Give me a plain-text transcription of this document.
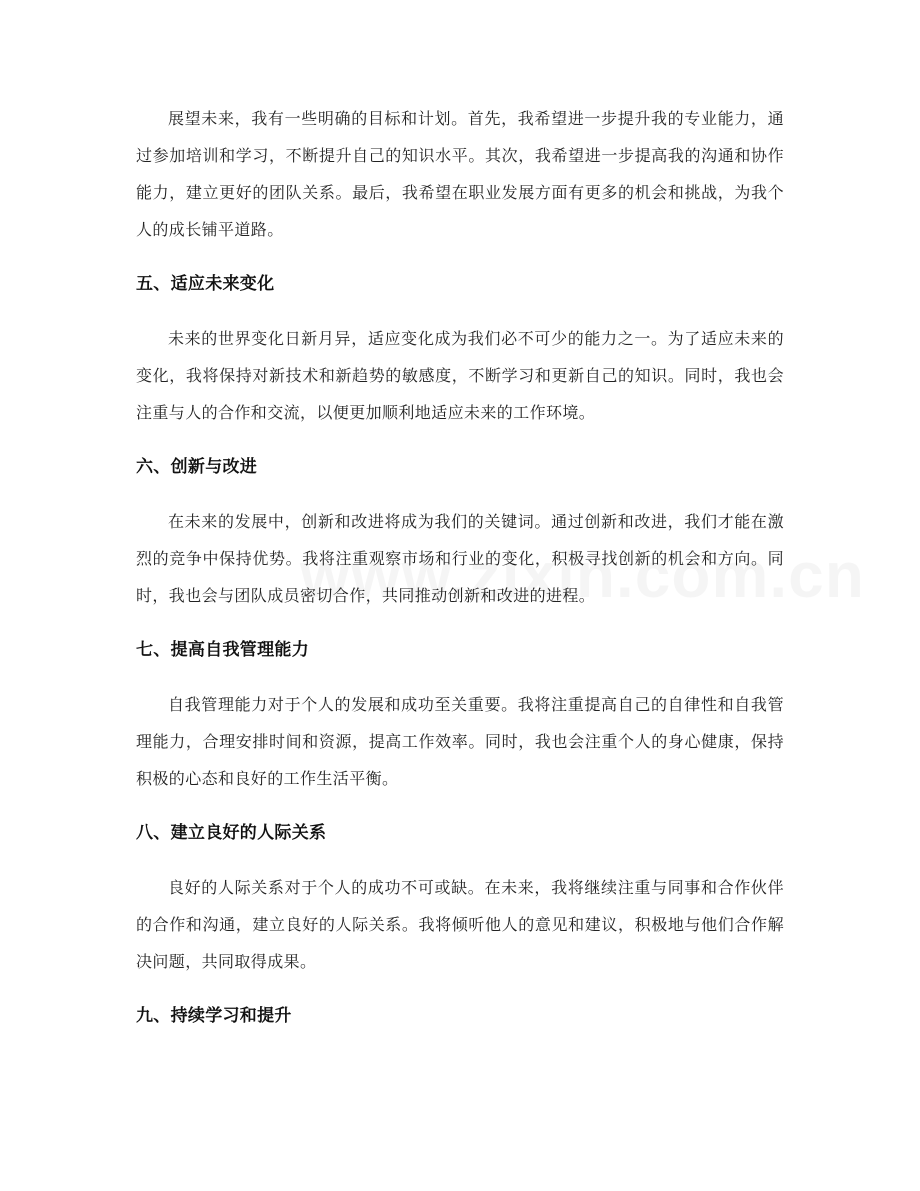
展望未来，我有一些明确的目标和计划。首先，我希望进一步提升我的专业能力，通过参加培训和学习，不断提升自己的知识水平。其次，我希望进一步提高我的沟通和协作能力，建立更好的团队关系。最后，我希望在职业发展方面有更多的机会和挑战，为我个人的成长铺平道路。

五、适应未来变化

未来的世界变化日新月异，适应变化成为我们必不可少的能力之一。为了适应未来的变化，我将保持对新技术和新趋势的敏感度，不断学习和更新自己的知识。同时，我也会注重与人的合作和交流，以便更加顺利地适应未来的工作环境。

六、创新与改进

在未来的发展中，创新和改进将成为我们的关键词。通过创新和改进，我们才能在激烈的竞争中保持优势。我将注重观察市场和行业的变化，积极寻找创新的机会和方向。同时，我也会与团队成员密切合作，共同推动创新和改进的进程。

七、提高自我管理能力

自我管理能力对于个人的发展和成功至关重要。我将注重提高自己的自律性和自我管理能力，合理安排时间和资源，提高工作效率。同时，我也会注重个人的身心健康，保持积极的心态和良好的工作生活平衡。

八、建立良好的人际关系

良好的人际关系对于个人的成功不可或缺。在未来，我将继续注重与同事和合作伙伴的合作和沟通，建立良好的人际关系。我将倾听他人的意见和建议，积极地与他们合作解决问题，共同取得成果。

九、持续学习和提升
